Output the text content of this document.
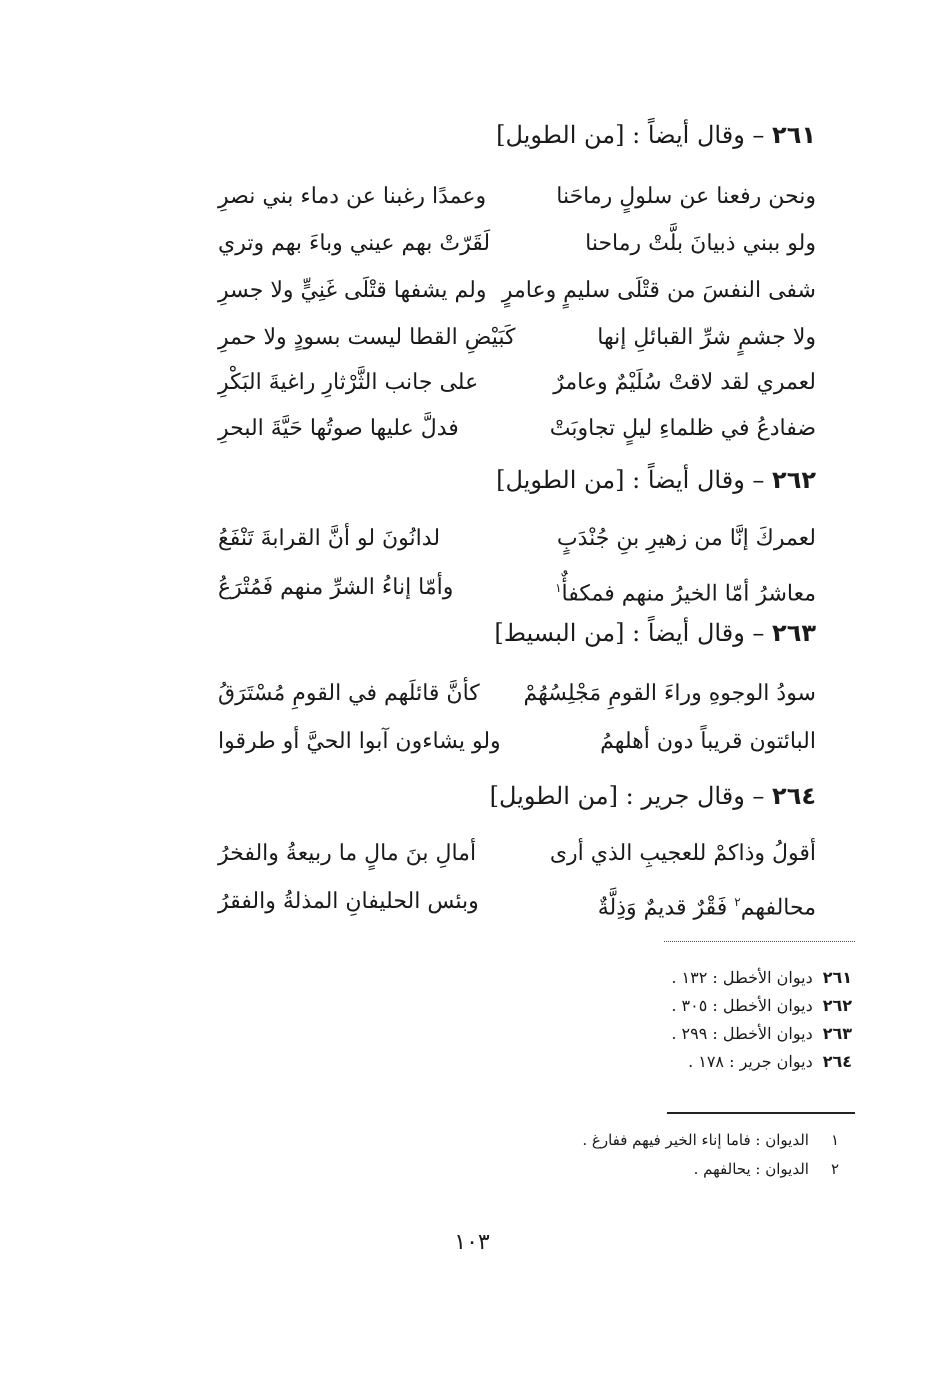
٢٦١ – وقال أيضاً : [من الطويل]
ونحن رفعنا عن سلولٍ رماحَنا
وعمدًا رغبنا عن دماء بني نصرِ
ولو ببني ذبيانَ بلَّتْ رماحنا
لَقَرّتْ بهم عيني وباءَ بهم وتري
شفى النفسَ من قتْلَى سليمٍ وعامرٍ
ولم يشفها قتْلَى غَنِيٍّ ولا جسرِ
ولا جشمٍ شرِّ القبائلِ إنها
كَبَيْضِ القطا ليست بسودٍ ولا حمرِ
لعمري لقد لاقتْ سُلَيْمٌ وعامرٌ
على جانب الثَّرْثارِ راغيةَ البَكْرِ
ضفادعُ في ظلماءِ ليلٍ تجاوبَتْ
فدلَّ عليها صوتُها حَيَّةَ البحرِ
٢٦٢ – وقال أيضاً : [من الطويل]
لعمركَ إنَّا من زهيرِ بنِ جُنْدَبٍ
لدانُونَ لو أنَّ القرابةَ تَنْفَعُ
معاشرُ أمّا الخيرُ منهم فمكفأٌ$^١$
وأمّا إناءُ الشرِّ منهم فَمُتْرَعُ
٢٦٣ – وقال أيضاً : [من البسيط]
سودُ الوجوهِ وراءَ القومِ مَجْلِسُهُمْ
كأنَّ قائلَهم في القومِ مُسْتَرَقُ
البائتون قريباً دون أهلهمُ
ولو يشاءون آبوا الحيَّ أو طرقوا
٢٦٤ – وقال جرير : [من الطويل]
أقولُ وذاكمْ للعجيبِ الذي أرى
أمالِ بنَ مالٍ ما ربيعةُ والفخرُ
محالفهم$^٢$ فَقْرٌ قديمٌ وَذِلَّةٌ
وبئس الحليفانِ المذلةُ والفقرُ
٢٦١ديوان الأخطل : ١٣٢ .
٢٦٢ديوان الأخطل : ٣٠٥ .
٢٦٣ديوان الأخطل : ٢٩٩ .
٢٦٤ديوان جرير : ١٧٨ .
١الديوان : فاما إناء الخير فيهم ففارغ .
٢الديوان : يحالفهم .
١٠٣
